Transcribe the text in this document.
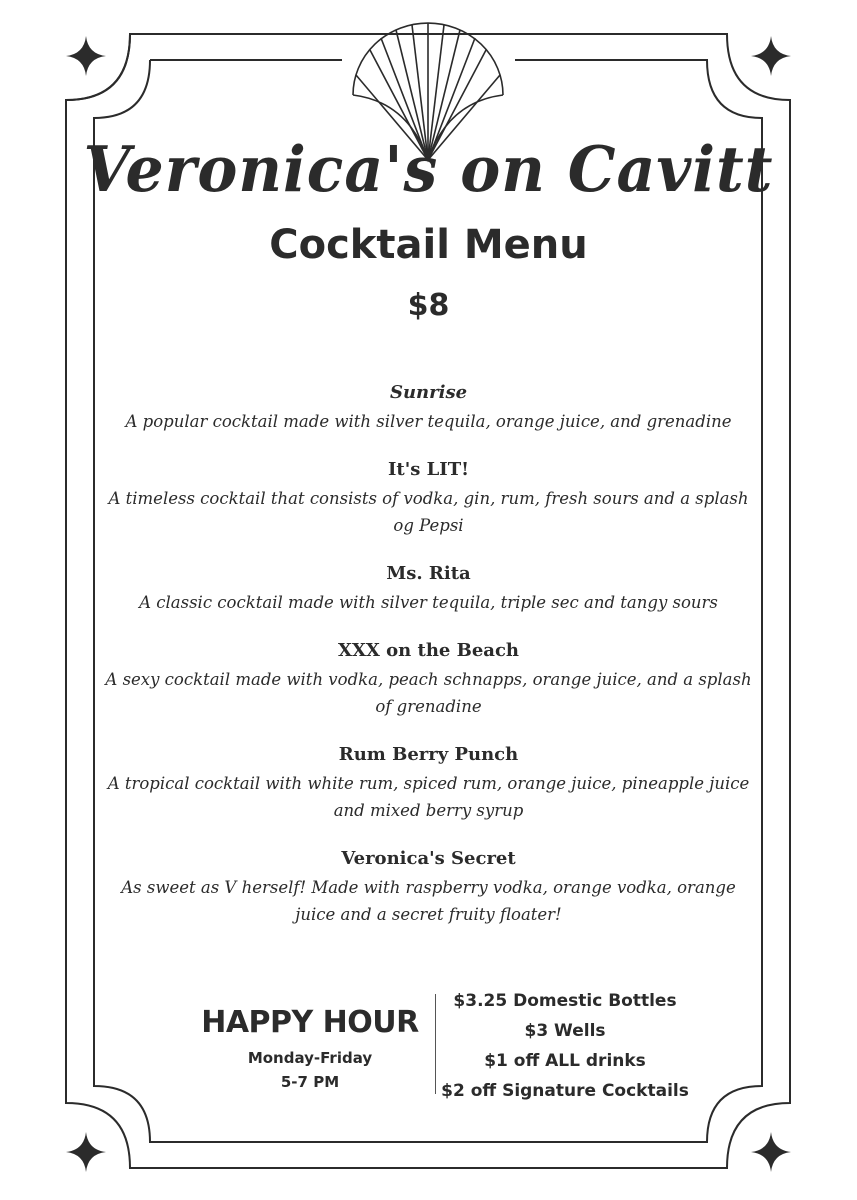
Veronica's on Cavitt
Cocktail Menu
$8
Sunrise
A popular cocktail made with silver tequila, orange juice, and grenadine
It's LIT!
A timeless cocktail that consists of vodka, gin, rum, fresh sours and a splash og Pepsi
Ms. Rita
A classic cocktail made with silver tequila, triple sec and tangy sours
XXX on the Beach
A sexy cocktail made with vodka, peach schnapps, orange juice, and a splash of grenadine
Rum Berry Punch
A tropical cocktail with white rum, spiced rum, orange juice, pineapple juice and mixed berry syrup
Veronica's Secret
As sweet as V herself! Made with raspberry vodka, orange vodka, orange juice and a secret fruity floater!
HAPPY HOUR
Monday-Friday
5-7 PM
$3.25 Domestic Bottles
$3 Wells
$1 off ALL drinks
$2 off Signature Cocktails
